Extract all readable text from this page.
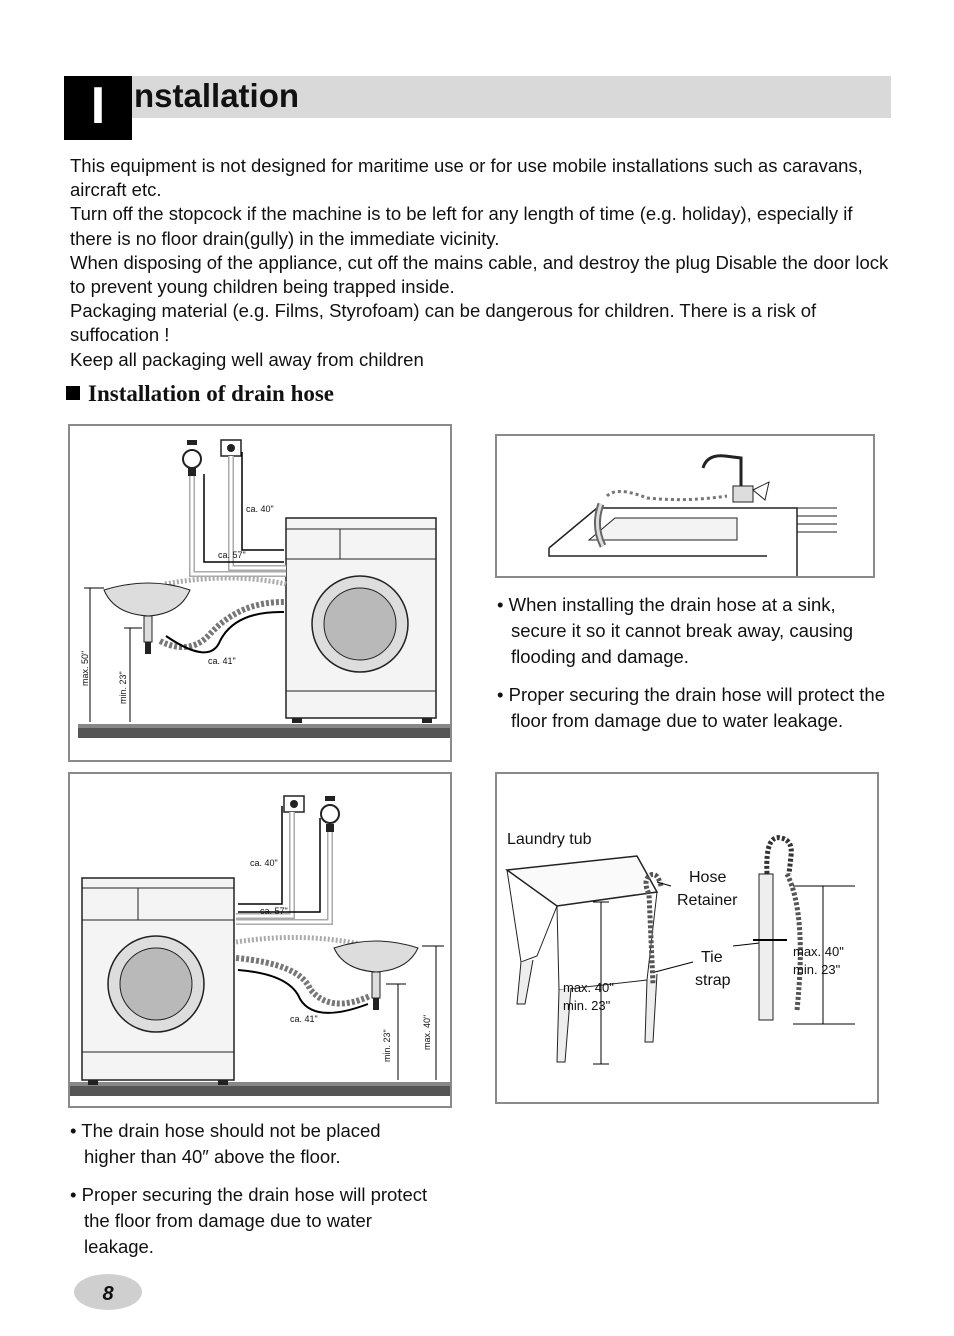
I nstallation

This equipment is not designed for maritime use or for use mobile installations such as caravans, aircraft etc.

Turn off the stopcock if the machine is to be left for any length of time (e.g. holiday), especially if there is no floor drain(gully) in the immediate vicinity.

When disposing of the appliance, cut off the mains cable, and destroy the plug Disable the door lock to prevent young children being trapped inside.

Packaging material (e.g. Films, Styrofoam) can be dangerous for children. There is a risk of suffocation !

Keep all packaging well away from children

Installation of drain hose
ca. 40"
ca. 57"
ca. 41"
max. 50"
min. 23"
ca. 40"
ca. 57"
ca. 41"
min. 23"	max. 40"
Laundry tub
max. 40"
min. 23"
Hose
Retainer
Tie
strap
max. 40"
min. 23"

• When installing the drain hose at a sink, secure it so it cannot break away, causing flooding and damage.

• Proper securing the drain hose will protect the floor from damage due to water leakage.

• The drain hose should not be placed higher than 40″ above the floor.

• Proper securing the drain hose will protect the floor from damage due to water leakage.

8
